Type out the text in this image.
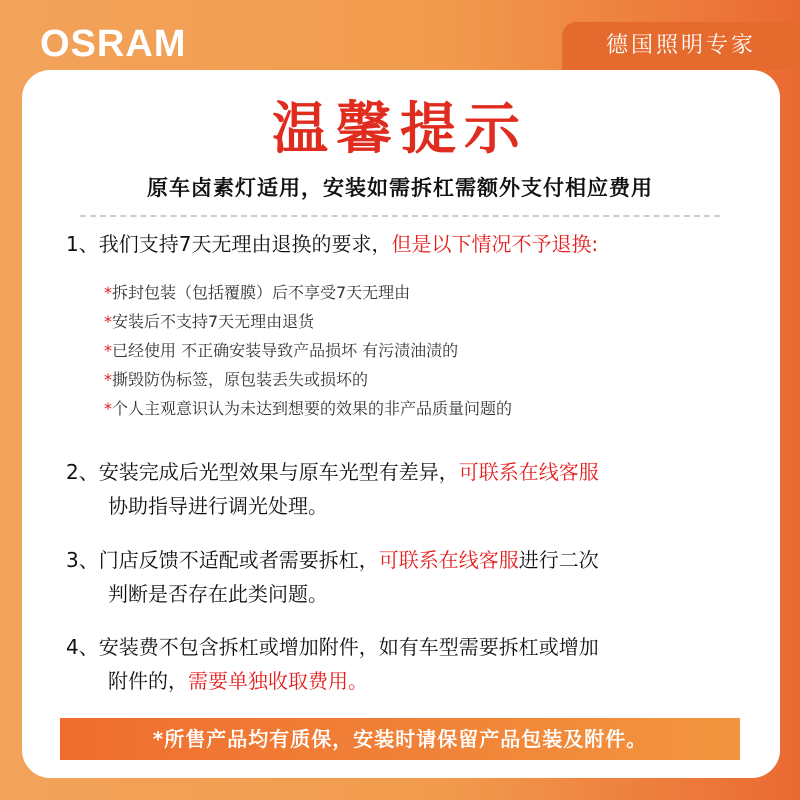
OSRAM	德国照明专家
温馨提示
原车卤素灯适用，安装如需拆杠需额外支付相应费用
1、我们支持7天无理由退换的要求，但是以下情况不予退换:
*拆封包装（包括覆膜）后不享受7天无理由
*安装后不支持7天无理由退货
*已经使用 不正确安装导致产品损坏 有污渍油渍的
*撕毁防伪标签，原包装丢失或损坏的
*个人主观意识认为未达到想要的效果的非产品质量问题的
2、安装完成后光型效果与原车光型有差异，可联系在线客服
协助指导进行调光处理。
3、门店反馈不适配或者需要拆杠，可联系在线客服进行二次
判断是否存在此类问题。
4、安装费不包含拆杠或增加附件，如有车型需要拆杠或增加
附件的，需要单独收取费用。
*所售产品均有质保，安装时请保留产品包装及附件。
